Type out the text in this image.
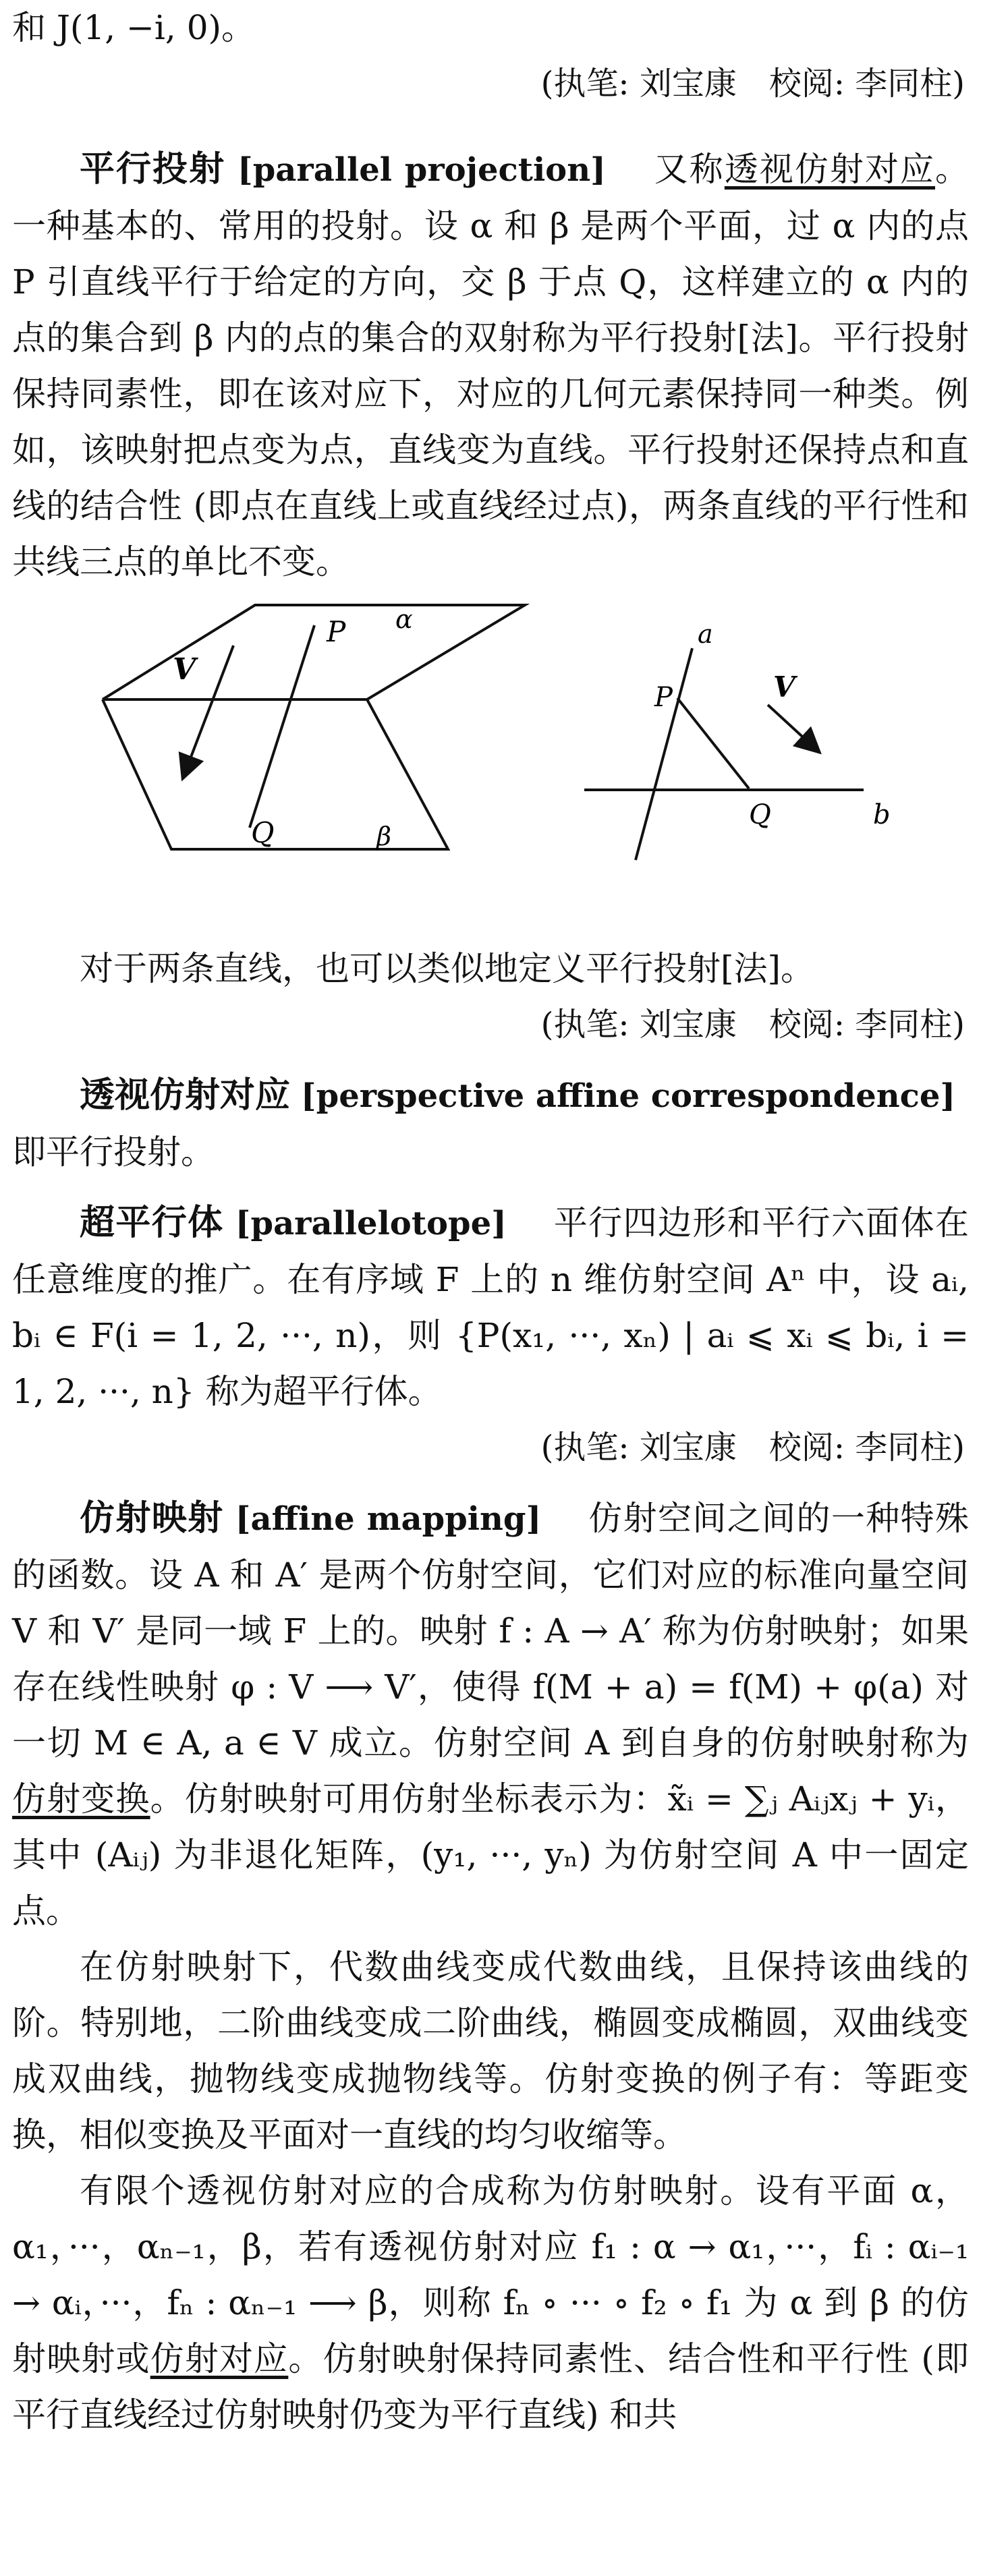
和 J(1, −i, 0)。

(执笔: 刘宝康　校阅: 李同柱)

平行投射 [parallel projection]　 又称透视仿射对应。一种基本的、常用的投射。设 α 和 β 是两个平面，过 α 内的点 P 引直线平行于给定的方向，交 β 于点 Q，这样建立的 α 内的点的集合到 β 内的点的集合的双射称为平行投射[法]。平行投射保持同素性，即在该对应下，对应的几何元素保持同一种类。例如，该映射把点变为点，直线变为直线。平行投射还保持点和直线的结合性 (即点在直线上或直线经过点)，两条直线的平行性和共线三点的单比不变。

V
P α
Q	β
a
V
P
Q	b

对于两条直线，也可以类似地定义平行投射[法]。

(执笔: 刘宝康　校阅: 李同柱)

透视仿射对应 [perspective affine correspondence]

即平行投射。

超平行体 [parallelotope]　 平行四边形和平行六面体在任意维度的推广。在有序域 F 上的 n 维仿射空间 Aⁿ 中，设 aᵢ, bᵢ ∈ F(i = 1, 2, ···, n)，则 {P(x₁, ···, xₙ) | aᵢ ⩽ xᵢ ⩽ bᵢ, i = 1, 2, ···, n} 称为超平行体。

(执笔: 刘宝康　校阅: 李同柱)

仿射映射 [affine mapping]　 仿射空间之间的一种特殊的函数。设 A 和 A′ 是两个仿射空间，它们对应的标准向量空间 V 和 V′ 是同一域 F 上的。映射 f : A → A′ 称为仿射映射；如果存在线性映射 φ : V ⟶ V′，使得 f(M + a) = f(M) + φ(a) 对一切 M ∈ A, a ∈ V 成立。仿射空间 A 到自身的仿射映射称为仿射变换。仿射映射可用仿射坐标表示为：x̃ᵢ = ∑ⱼ Aᵢⱼxⱼ + yᵢ，其中 (Aᵢⱼ) 为非退化矩阵，(y₁, ···, yₙ) 为仿射空间 A 中一固定点。

在仿射映射下，代数曲线变成代数曲线，且保持该曲线的阶。特别地，二阶曲线变成二阶曲线，椭圆变成椭圆，双曲线变成双曲线，抛物线变成抛物线等。仿射变换的例子有：等距变换，相似变换及平面对一直线的均匀收缩等。

有限个透视仿射对应的合成称为仿射映射。设有平面 α，α₁，···，αₙ₋₁，β，若有透视仿射对应 f₁ : α → α₁，···，fᵢ : αᵢ₋₁ → αᵢ，···，fₙ : αₙ₋₁ ⟶ β，则称 fₙ ∘ ··· ∘ f₂ ∘ f₁ 为 α 到 β 的仿射映射或仿射对应。仿射映射保持同素性、结合性和平行性 (即平行直线经过仿射映射仍变为平行直线) 和共
